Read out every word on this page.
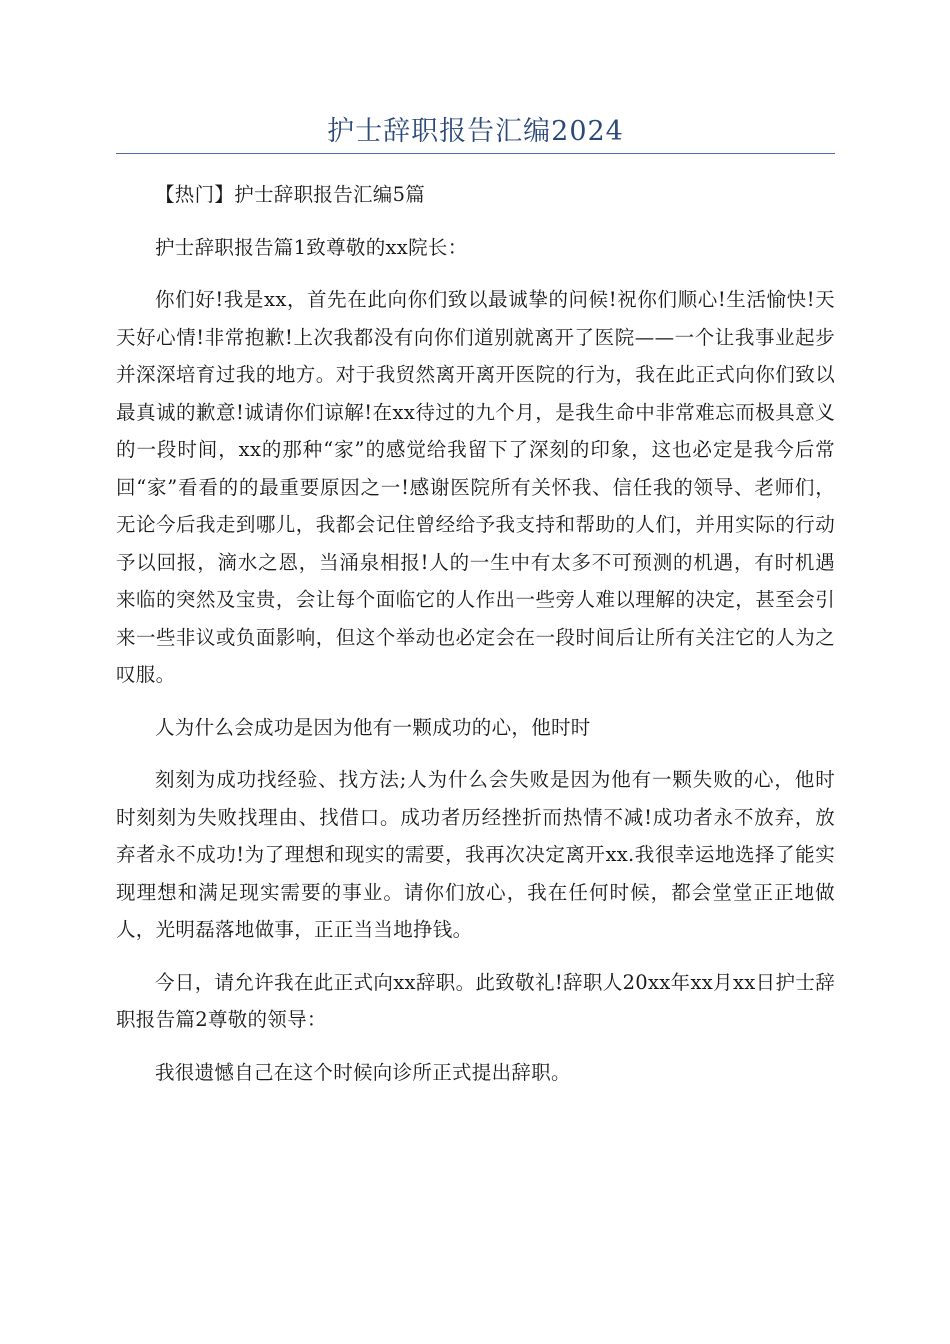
护士辞职报告汇编2024

【热门】护士辞职报告汇编5篇

护士辞职报告篇1致尊敬的xx院长：

你们好!我是xx，首先在此向你们致以最诚挚的问候!祝你们顺心!生活愉快!天天好心情!非常抱歉!上次我都没有向你们道别就离开了医院——一个让我事业起步并深深培育过我的地方。对于我贸然离开离开医院的行为，我在此正式向你们致以最真诚的歉意!诚请你们谅解!在xx待过的九个月，是我生命中非常难忘而极具意义的一段时间，xx的那种“家”的感觉给我留下了深刻的印象，这也必定是我今后常回“家”看看的的最重要原因之一!感谢医院所有关怀我、信任我的领导、老师们，无论今后我走到哪儿，我都会记住曾经给予我支持和帮助的人们，并用实际的行动予以回报，滴水之恩，当涌泉相报!人的一生中有太多不可预测的机遇，有时机遇来临的突然及宝贵，会让每个面临它的人作出一些旁人难以理解的决定，甚至会引来一些非议或负面影响，但这个举动也必定会在一段时间后让所有关注它的人为之叹服。

人为什么会成功是因为他有一颗成功的心，他时时

刻刻为成功找经验、找方法;人为什么会失败是因为他有一颗失败的心，他时时刻刻为失败找理由、找借口。成功者历经挫折而热情不减!成功者永不放弃，放弃者永不成功!为了理想和现实的需要，我再次决定离开xx.我很幸运地选择了能实现理想和满足现实需要的事业。请你们放心，我在任何时候，都会堂堂正正地做人，光明磊落地做事，正正当当地挣钱。

今日，请允许我在此正式向xx辞职。此致敬礼!辞职人20xx年xx月xx日护士辞职报告篇2尊敬的领导：

我很遗憾自己在这个时候向诊所正式提出辞职。
